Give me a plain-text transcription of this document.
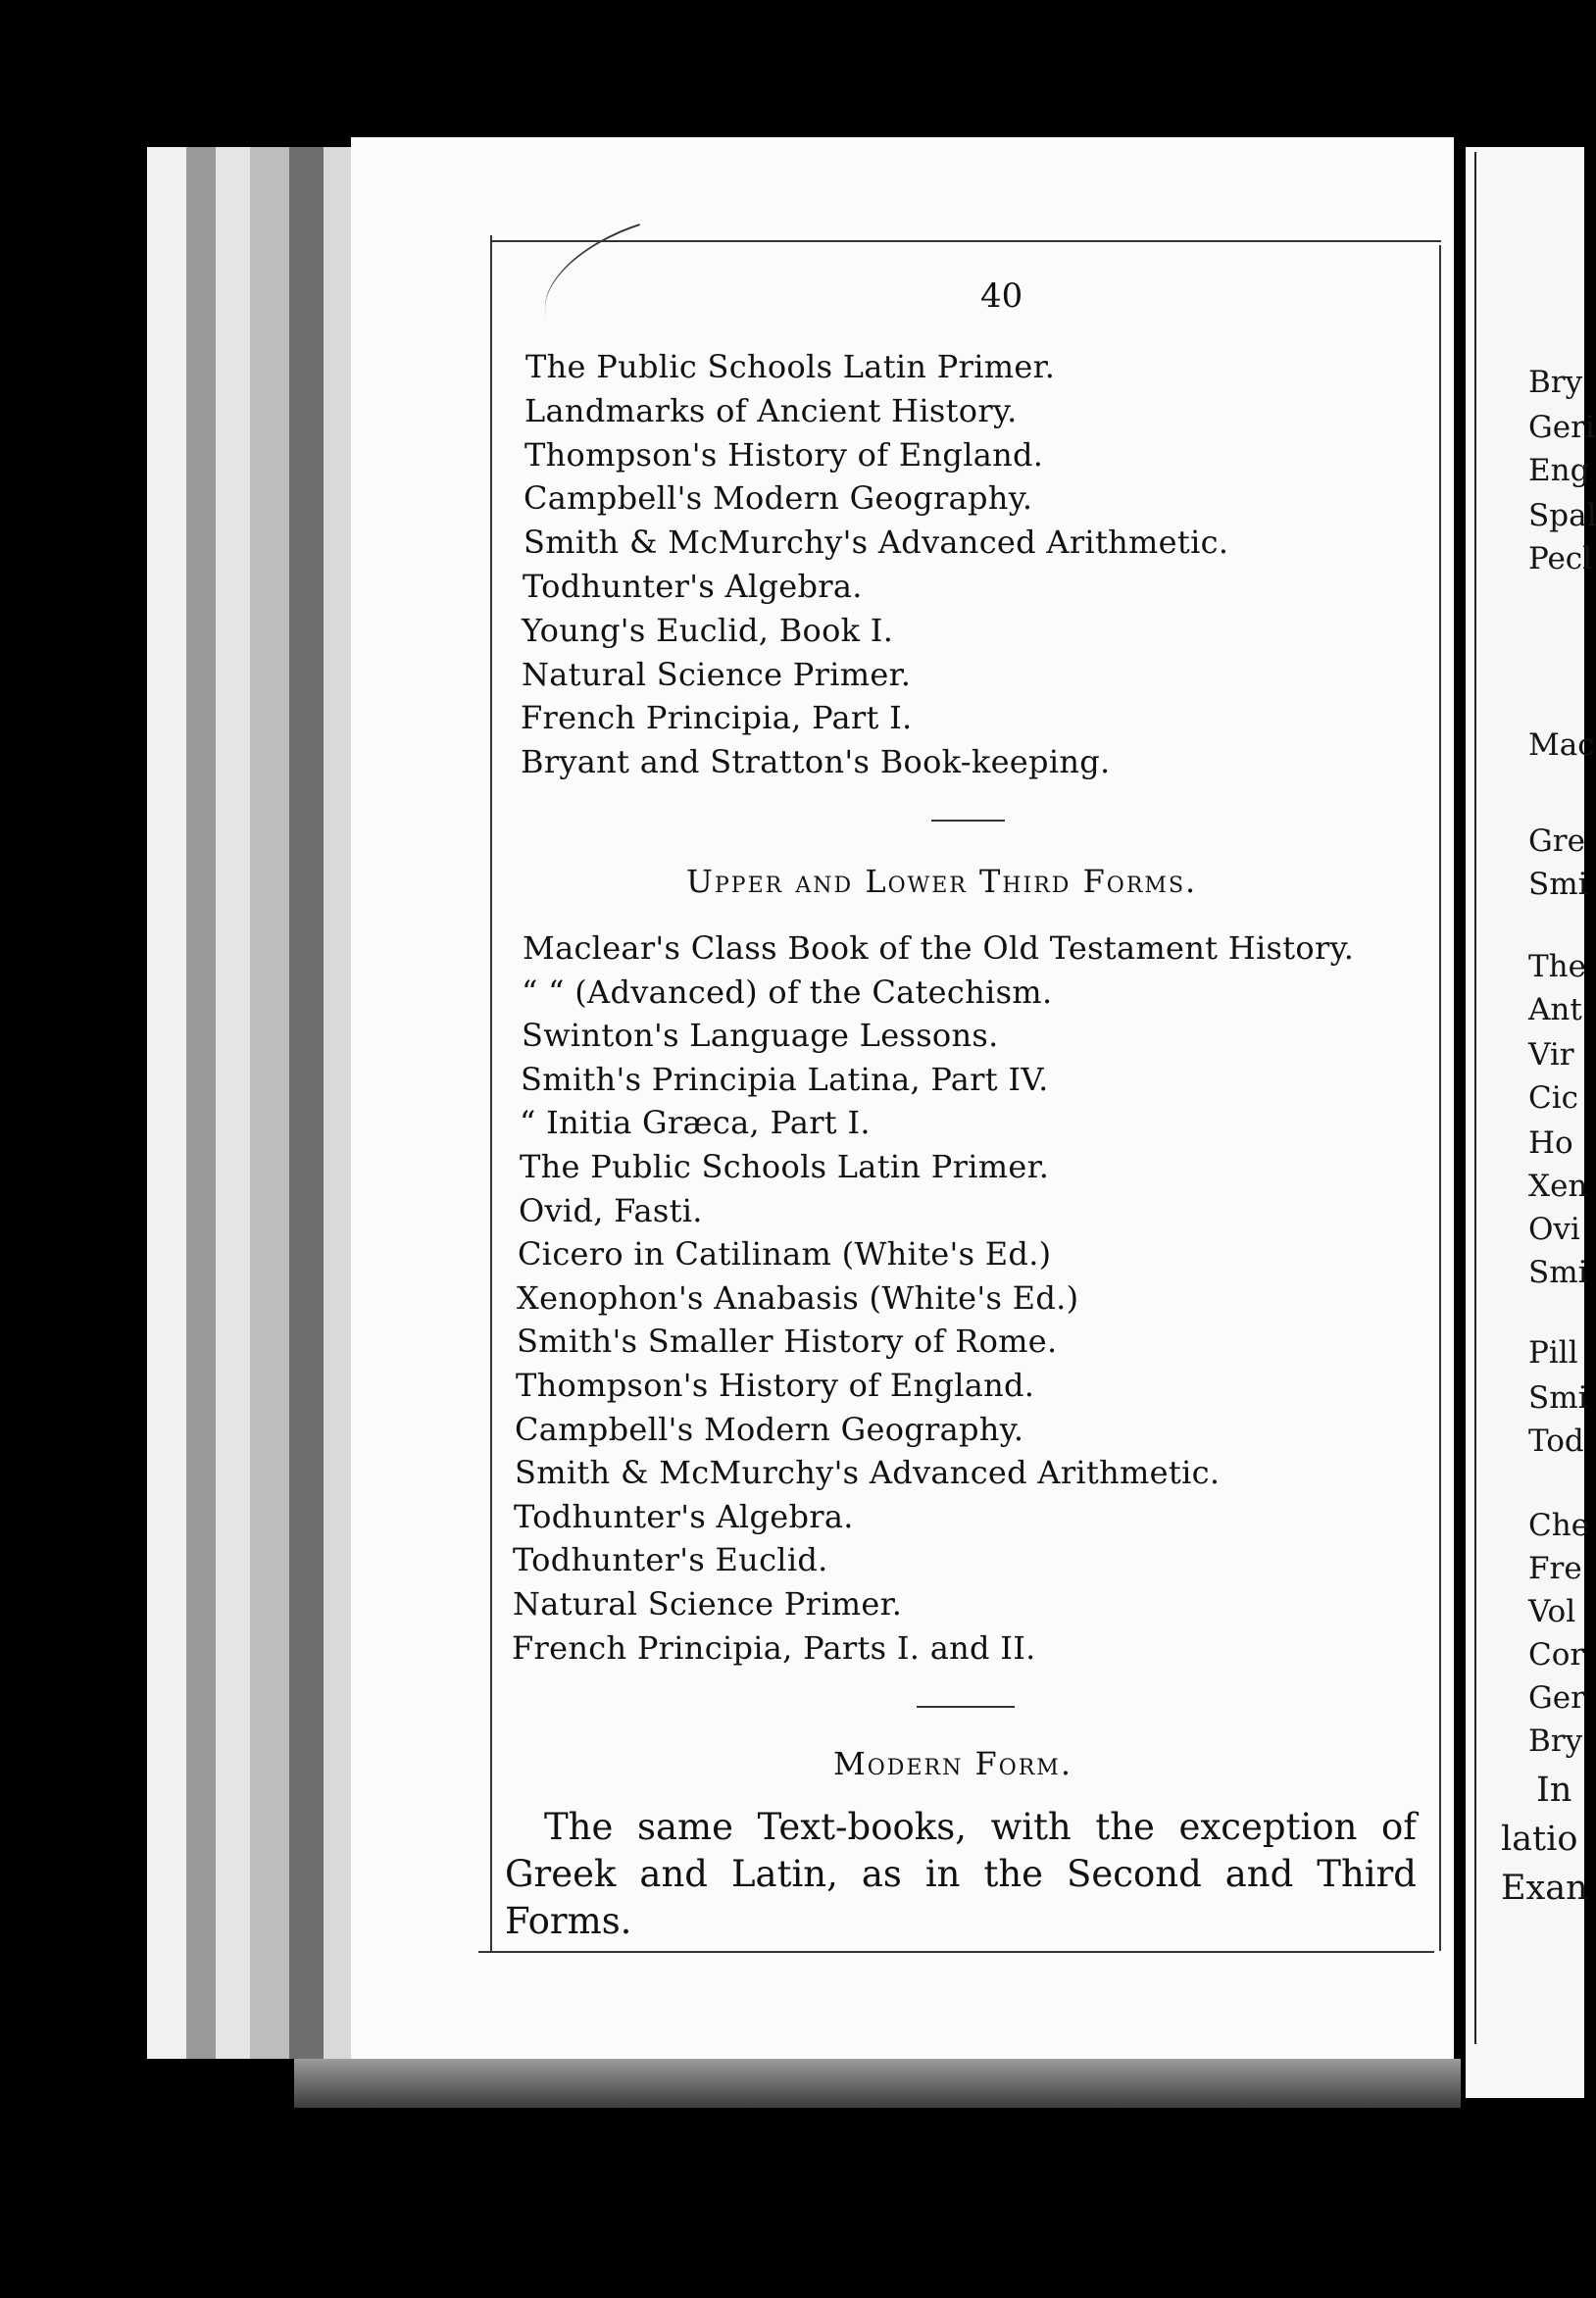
40
The Public Schools Latin Primer.
Landmarks of Ancient History.
Thompson's History of England.
Campbell's Modern Geography.
Smith & McMurchy's Advanced Arithmetic.
Todhunter's Algebra.
Young's Euclid, Book I.
Natural Science Primer.
French Principia, Part I.
Bryant and Stratton's Book-keeping.
Upper and Lower Third Forms.
Maclear's Class Book of the Old Testament History.
“ “ (Advanced) of the Catechism.
Swinton's Language Lessons.
Smith's Principia Latina, Part IV.
“ Initia Græca, Part I.
The Public Schools Latin Primer.
Ovid, Fasti.
Cicero in Catilinam (White's Ed.)
Xenophon's Anabasis (White's Ed.)
Smith's Smaller History of Rome.
Thompson's History of England.
Campbell's Modern Geography.
Smith & McMurchy's Advanced Arithmetic.
Todhunter's Algebra.
Todhunter's Euclid.
Natural Science Primer.
French Principia, Parts I. and II.
Modern Form.
The same Text-books, with the exception of Greek and Latin, as in the Second and Third Forms.
Bry
Geri
Eng
Spal
Pecl
Mac
Gre
Smi
The
Ant
Vir
Cic
Ho
Xen
Ovi
Smi
Pill
Smi
Tod
Che
Fre
Vol
Cor
Ger
Bry
In
latio
Exan
